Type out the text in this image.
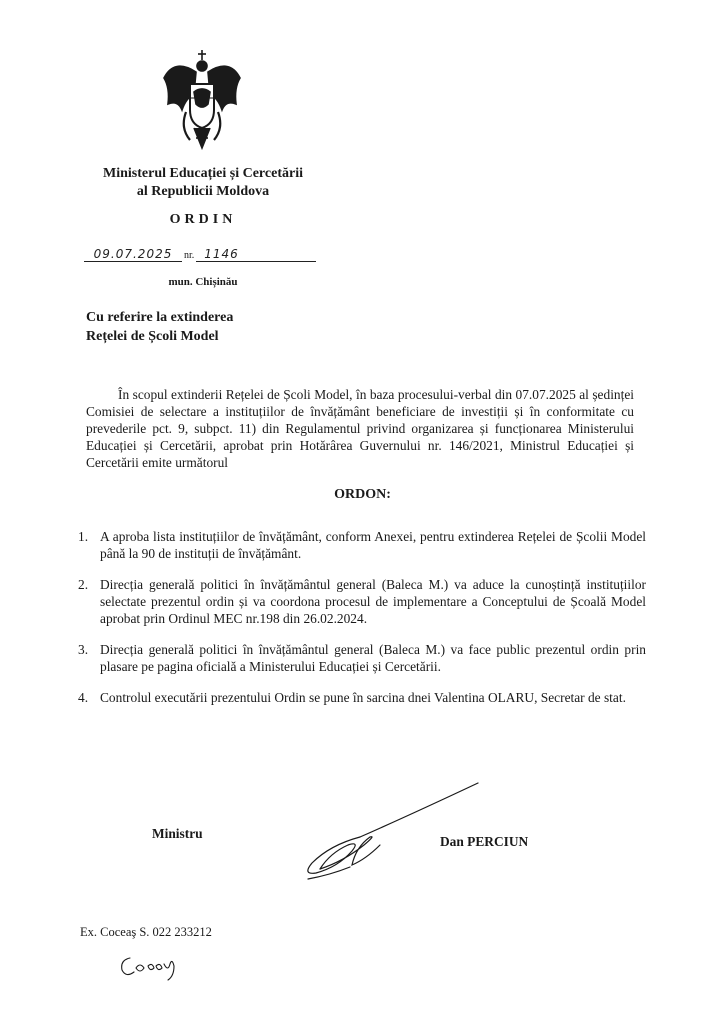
Ministerul Educației și Cercetării
al Republicii Moldova
ORDIN
09.07.2025 nr. 1146
mun. Chișinău
Cu referire la extinderea
Rețelei de Școli Model
În scopul extinderii Rețelei de Școli Model, în baza procesului-verbal din 07.07.2025 al ședinței Comisiei de selectare a instituțiilor de învățământ beneficiare de investiții și în conformitate cu prevederile pct. 9, subpct. 11) din Regulamentul privind organizarea și funcționarea Ministerului Educației și Cercetării, aprobat prin Hotărârea Guvernului nr. 146/2021, Ministrul Educației și Cercetării emite următorul
ORDON:
1. A aproba lista instituțiilor de învățământ, conform Anexei, pentru extinderea Rețelei de Școlii Model până la 90 de instituții de învățământ.
2. Direcția generală politici în învățământul general (Baleca M.) va aduce la cunoștință instituțiilor selectate prezentul ordin și va coordona procesul de implementare a Conceptului de Școală Model aprobat prin Ordinul MEC nr.198 din 26.02.2024.
3. Direcția generală politici în învățământul general (Baleca M.) va face public prezentul ordin prin plasare pe pagina oficială a Ministerului Educației și Cercetării.
4. Controlul executării prezentului Ordin se pune în sarcina dnei Valentina OLARU, Secretar de stat.
Ministru
Dan PERCIUN
Ex. Coceaş S. 022 233212
